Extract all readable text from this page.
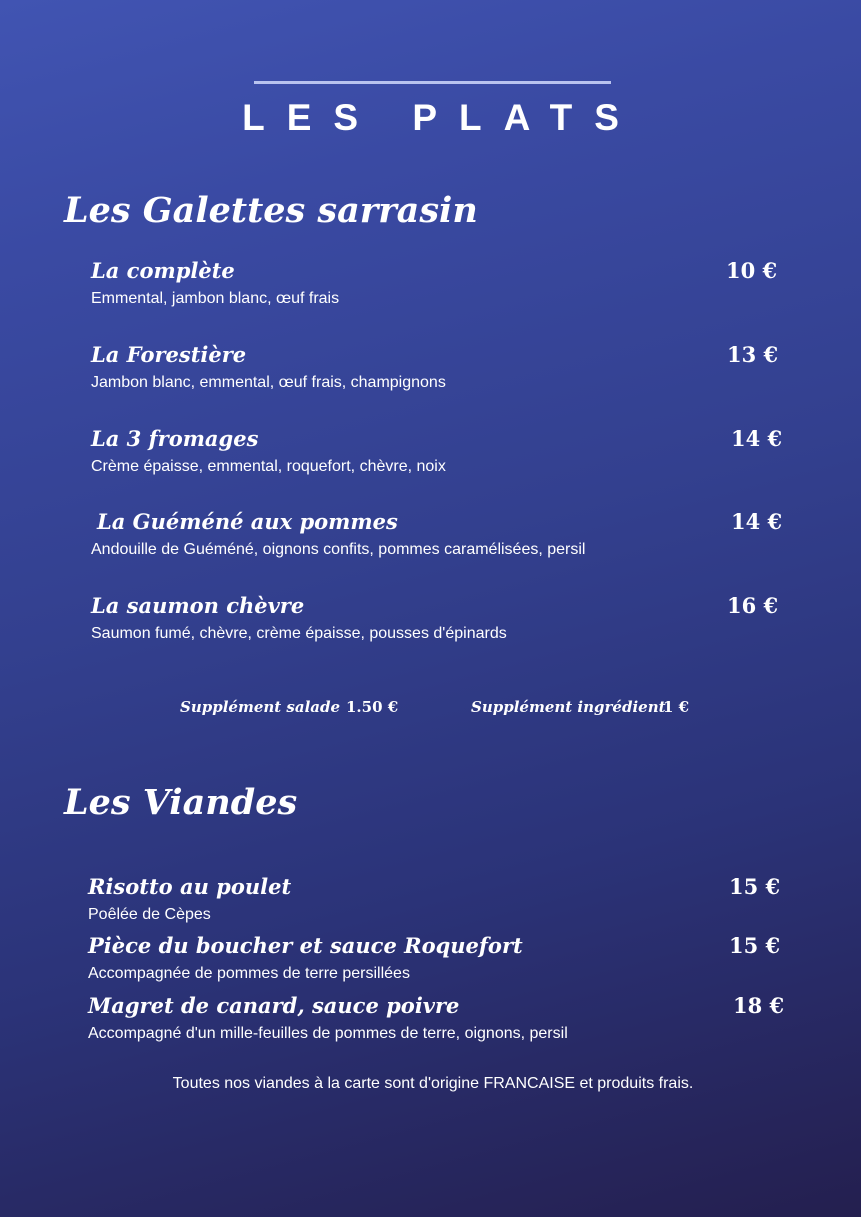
LES PLATS
Les Galettes sarrasin
La complète
Emmental, jambon blanc, œuf frais
10 €
La Forestière
Jambon blanc, emmental, œuf frais, champignons
13 €
La 3 fromages
Crème épaisse, emmental, roquefort, chèvre, noix
14 €
La Guéméné aux pommes
Andouille de Guéméné, oignons confits, pommes caramélisées, persil
14 €
La saumon chèvre
Saumon fumé, chèvre, crème épaisse, pousses d'épinards
16 €
Supplément salade 1.50 €	Supplément ingrédient
1 €
Les Viandes
Risotto au poulet
Poêlée de Cèpes
15 €
Pièce du boucher et sauce Roquefort
Accompagnée de pommes de terre persillées
15 €
Magret de canard, sauce poivre
Accompagné d'un mille-feuilles de pommes de terre, oignons, persil
18 €
Toutes nos viandes à la carte sont d'origine FRANCAISE et produits frais.
